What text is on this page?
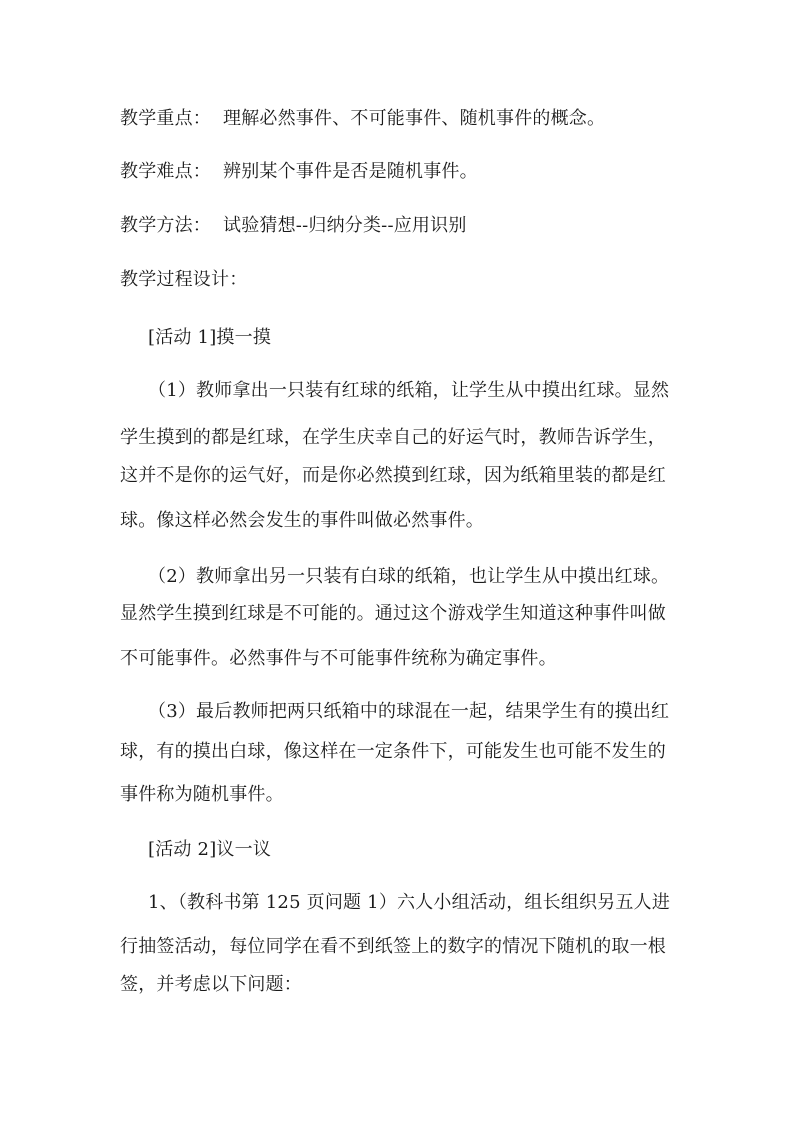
教学重点： 理解必然事件、不可能事件、随机事件的概念。
教学难点： 辨别某个事件是否是随机事件。
教学方法： 试验猜想--归纳分类--应用识别
教学过程设计：
[活动 1]摸一摸
（1）教师拿出一只装有红球的纸箱，让学生从中摸出红球。显然
学生摸到的都是红球，在学生庆幸自己的好运气时，教师告诉学生，
这并不是你的运气好，而是你必然摸到红球，因为纸箱里装的都是红
球。像这样必然会发生的事件叫做必然事件。
（2）教师拿出另一只装有白球的纸箱，也让学生从中摸出红球。
显然学生摸到红球是不可能的。通过这个游戏学生知道这种事件叫做
不可能事件。必然事件与不可能事件统称为确定事件。
（3）最后教师把两只纸箱中的球混在一起，结果学生有的摸出红
球，有的摸出白球，像这样在一定条件下，可能发生也可能不发生的
事件称为随机事件。
[活动 2]议一议
1、（教科书第 125 页问题 1）六人小组活动，组长组织另五人进
行抽签活动，每位同学在看不到纸签上的数字的情况下随机的取一根
签，并考虑以下问题：
